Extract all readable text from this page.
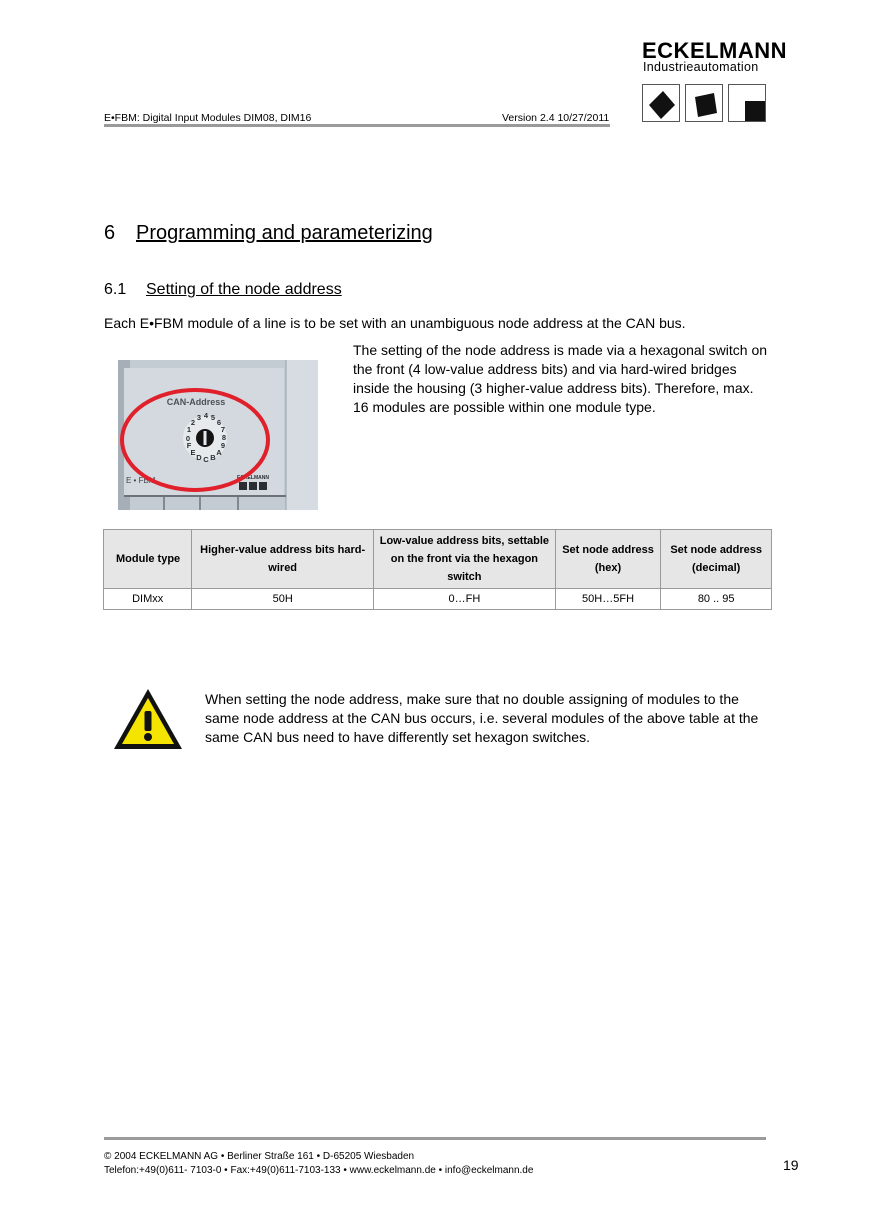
E•FBM: Digital Input Modules DIM08, DIM16	Version 2.4 10/27/2011
ECKELMANN
Industrieautomation
6 Programming and parameterizing
6.1 Setting of the node address
Each E•FBM module of a line is to be set with an unambiguous node address at the CAN bus.
CAN-Address
0
1
2
3 4 5
6
7
8
9
A
B
C
D
E
F
E • FBM	ECKELMANN
The setting of the node address is made via a hexagonal switch on the front (4 low-value address bits) and via hard-wired bridges inside the housing (3 higher-value address bits). Therefore, max. 16 modules are possible within one module type.
Module type	Higher-value address bits hard-wired	Low-value address bits, settable on the front via the hexagon switch	Set node address (hex)	Set node address (decimal)
DIMxx	50H	0…FH	50H…5FH	80 .. 95
When setting the node address, make sure that no double assigning of modules to the same node address at the CAN bus occurs, i.e. several modules of the above table at the same CAN bus need to have differently set hexagon switches.
© 2004 ECKELMANN AG • Berliner Straße 161 • D-65205 Wiesbaden
Telefon:+49(0)611- 7103-0 • Fax:+49(0)611-7103-133 • www.eckelmann.de • info@eckelmann.de	19
